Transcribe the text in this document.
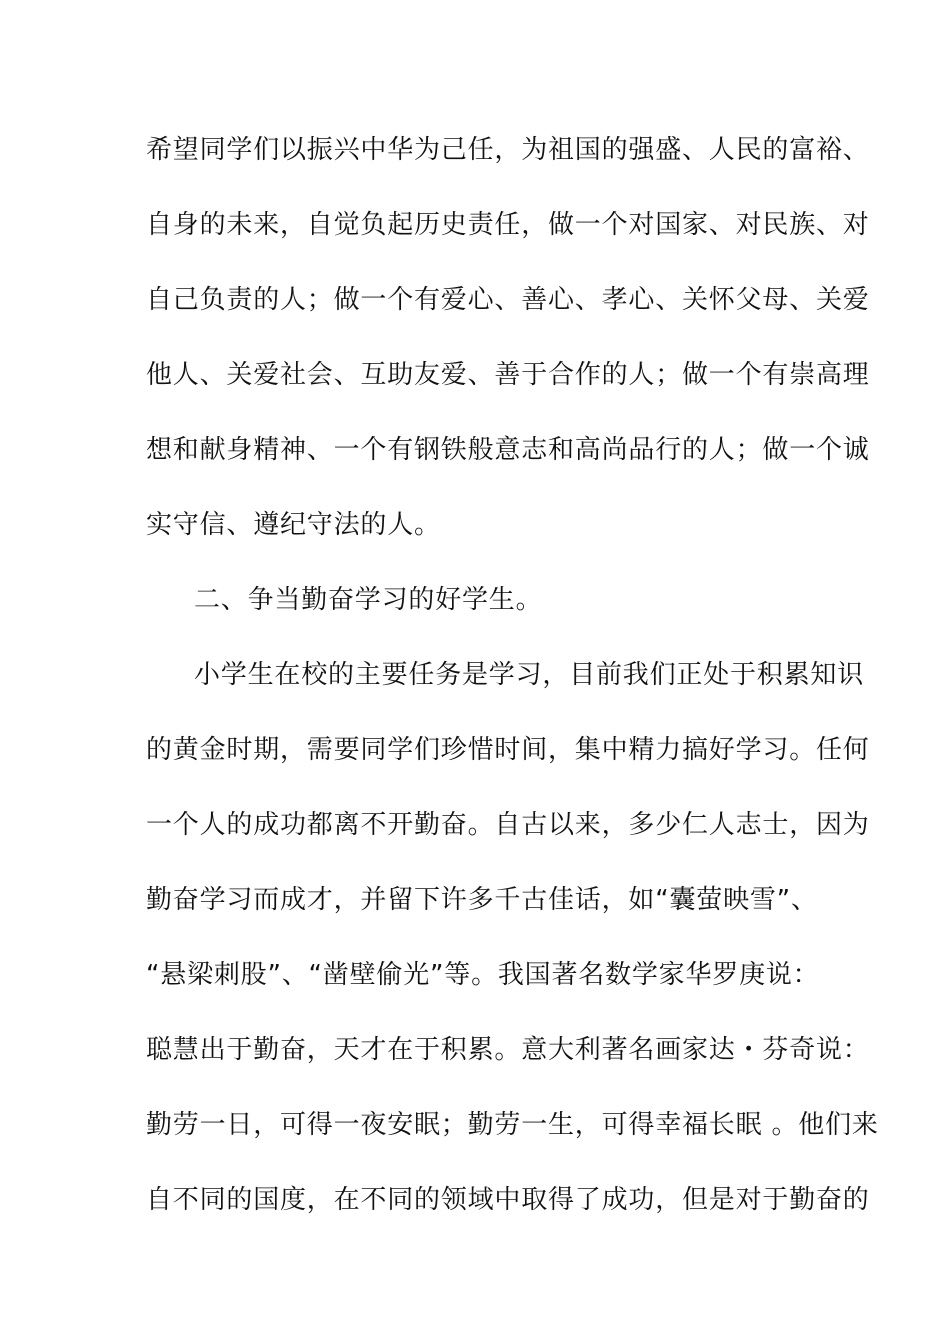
希望同学们以振兴中华为己任，为祖国的强盛、人民的富裕、
自身的未来，自觉负起历史责任，做一个对国家、对民族、对
自己负责的人；做一个有爱心、善心、孝心、关怀父母、关爱
他人、关爱社会、互助友爱、善于合作的人；做一个有崇高理
想和献身精神、一个有钢铁般意志和高尚品行的人；做一个诚
实守信、遵纪守法的人。
二、争当勤奋学习的好学生。
小学生在校的主要任务是学习，目前我们正处于积累知识
的黄金时期，需要同学们珍惜时间，集中精力搞好学习。任何
一个人的成功都离不开勤奋。自古以来，多少仁人志士，因为
勤奋学习而成才，并留下许多千古佳话，如“囊萤映雪”、
“悬梁刺股”、“凿壁偷光”等。我国著名数学家华罗庚说：
聪慧出于勤奋，天才在于积累。意大利著名画家达・芬奇说：
勤劳一日，可得一夜安眠；勤劳一生，可得幸福长眠 。他们来
自不同的国度，在不同的领域中取得了成功，但是对于勤奋的
